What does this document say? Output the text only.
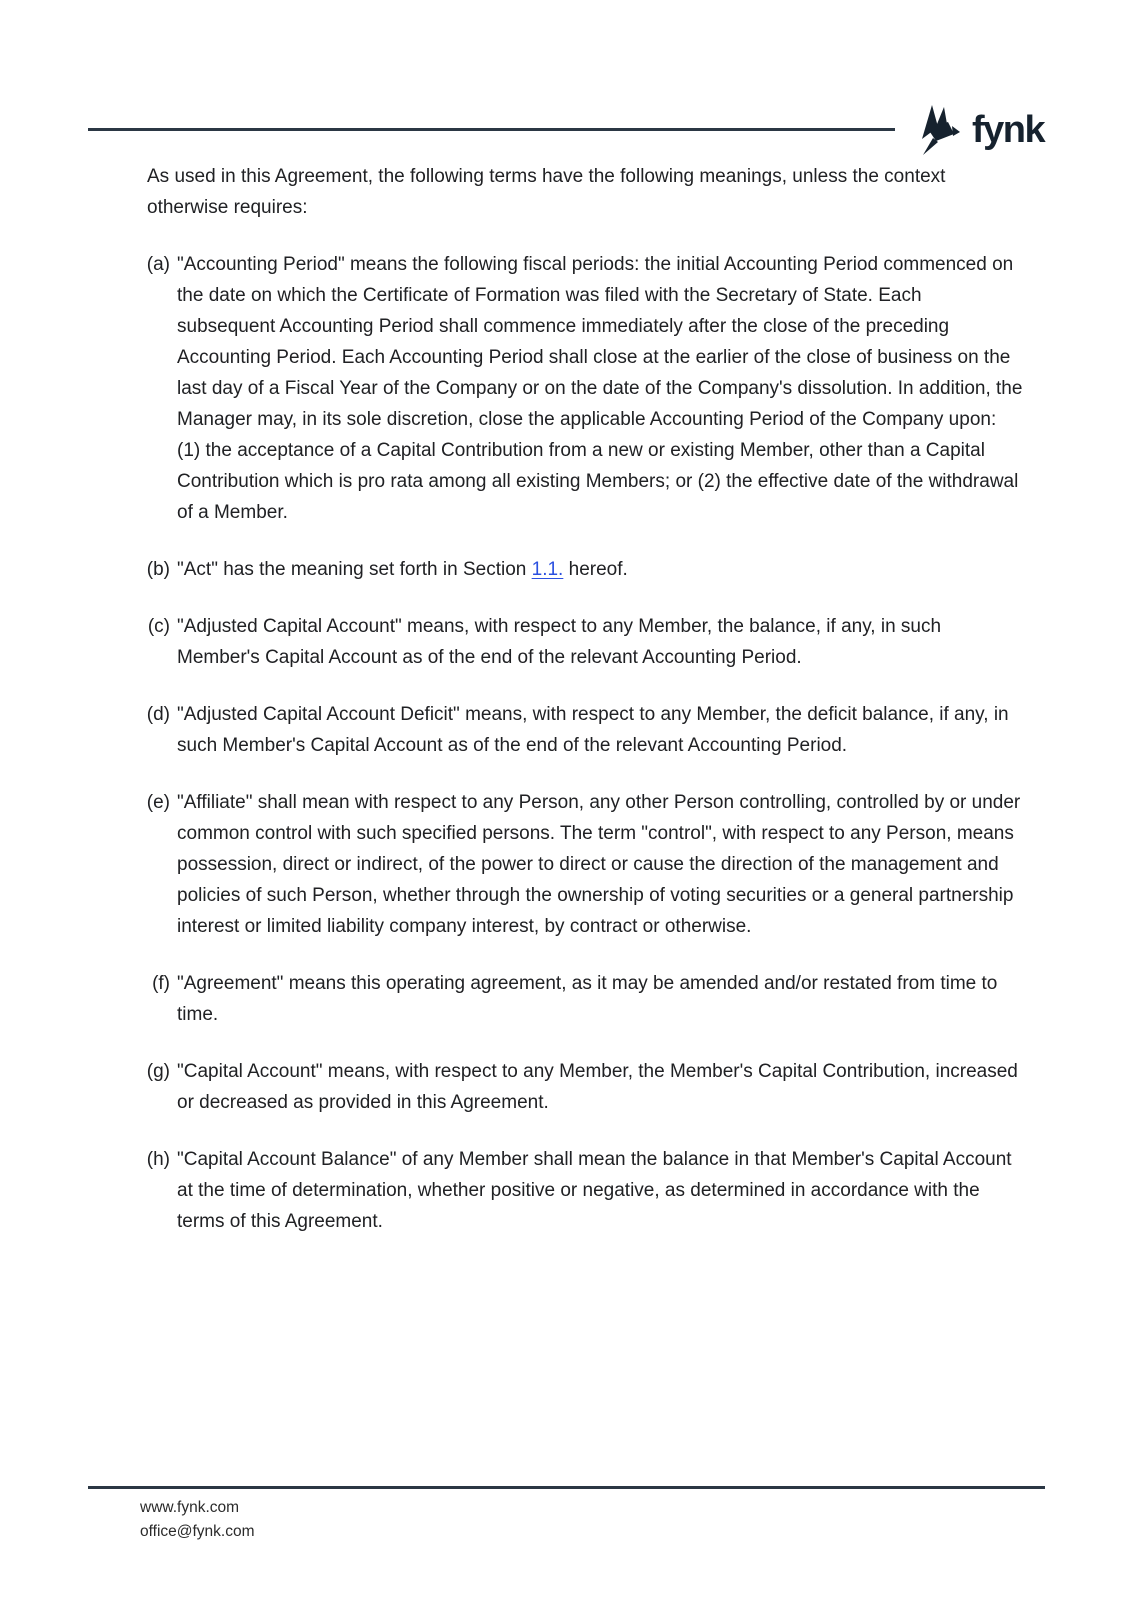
fynk

As used in this Agreement, the following terms have the following meanings, unless the context otherwise requires:

(a) "Accounting Period" means the following fiscal periods: the initial Accounting Period commenced on the date on which the Certificate of Formation was filed with the Secretary of State. Each subsequent Accounting Period shall commence immediately after the close of the preceding Accounting Period. Each Accounting Period shall close at the earlier of the close of business on the last day of a Fiscal Year of the Company or on the date of the Company's dissolution. In addition, the Manager may, in its sole discretion, close the applicable Accounting Period of the Company upon: (1) the acceptance of a Capital Contribution from a new or existing Member, other than a Capital Contribution which is pro rata among all existing Members; or (2) the effective date of the withdrawal of a Member.

(b) "Act" has the meaning set forth in Section 1.1. hereof.

(c) "Adjusted Capital Account" means, with respect to any Member, the balance, if any, in such Member's Capital Account as of the end of the relevant Accounting Period.

(d) "Adjusted Capital Account Deficit" means, with respect to any Member, the deficit balance, if any, in such Member's Capital Account as of the end of the relevant Accounting Period.

(e) "Affiliate" shall mean with respect to any Person, any other Person controlling, controlled by or under common control with such specified persons. The term "control", with respect to any Person, means possession, direct or indirect, of the power to direct or cause the direction of the management and policies of such Person, whether through the ownership of voting securities or a general partnership interest or limited liability company interest, by contract or otherwise.

(f) "Agreement" means this operating agreement, as it may be amended and/or restated from time to time.

(g) "Capital Account" means, with respect to any Member, the Member's Capital Contribution, increased or decreased as provided in this Agreement.

(h) "Capital Account Balance" of any Member shall mean the balance in that Member's Capital Account at the time of determination, whether positive or negative, as determined in accordance with the terms of this Agreement.

www.fynk.com
office@fynk.com
